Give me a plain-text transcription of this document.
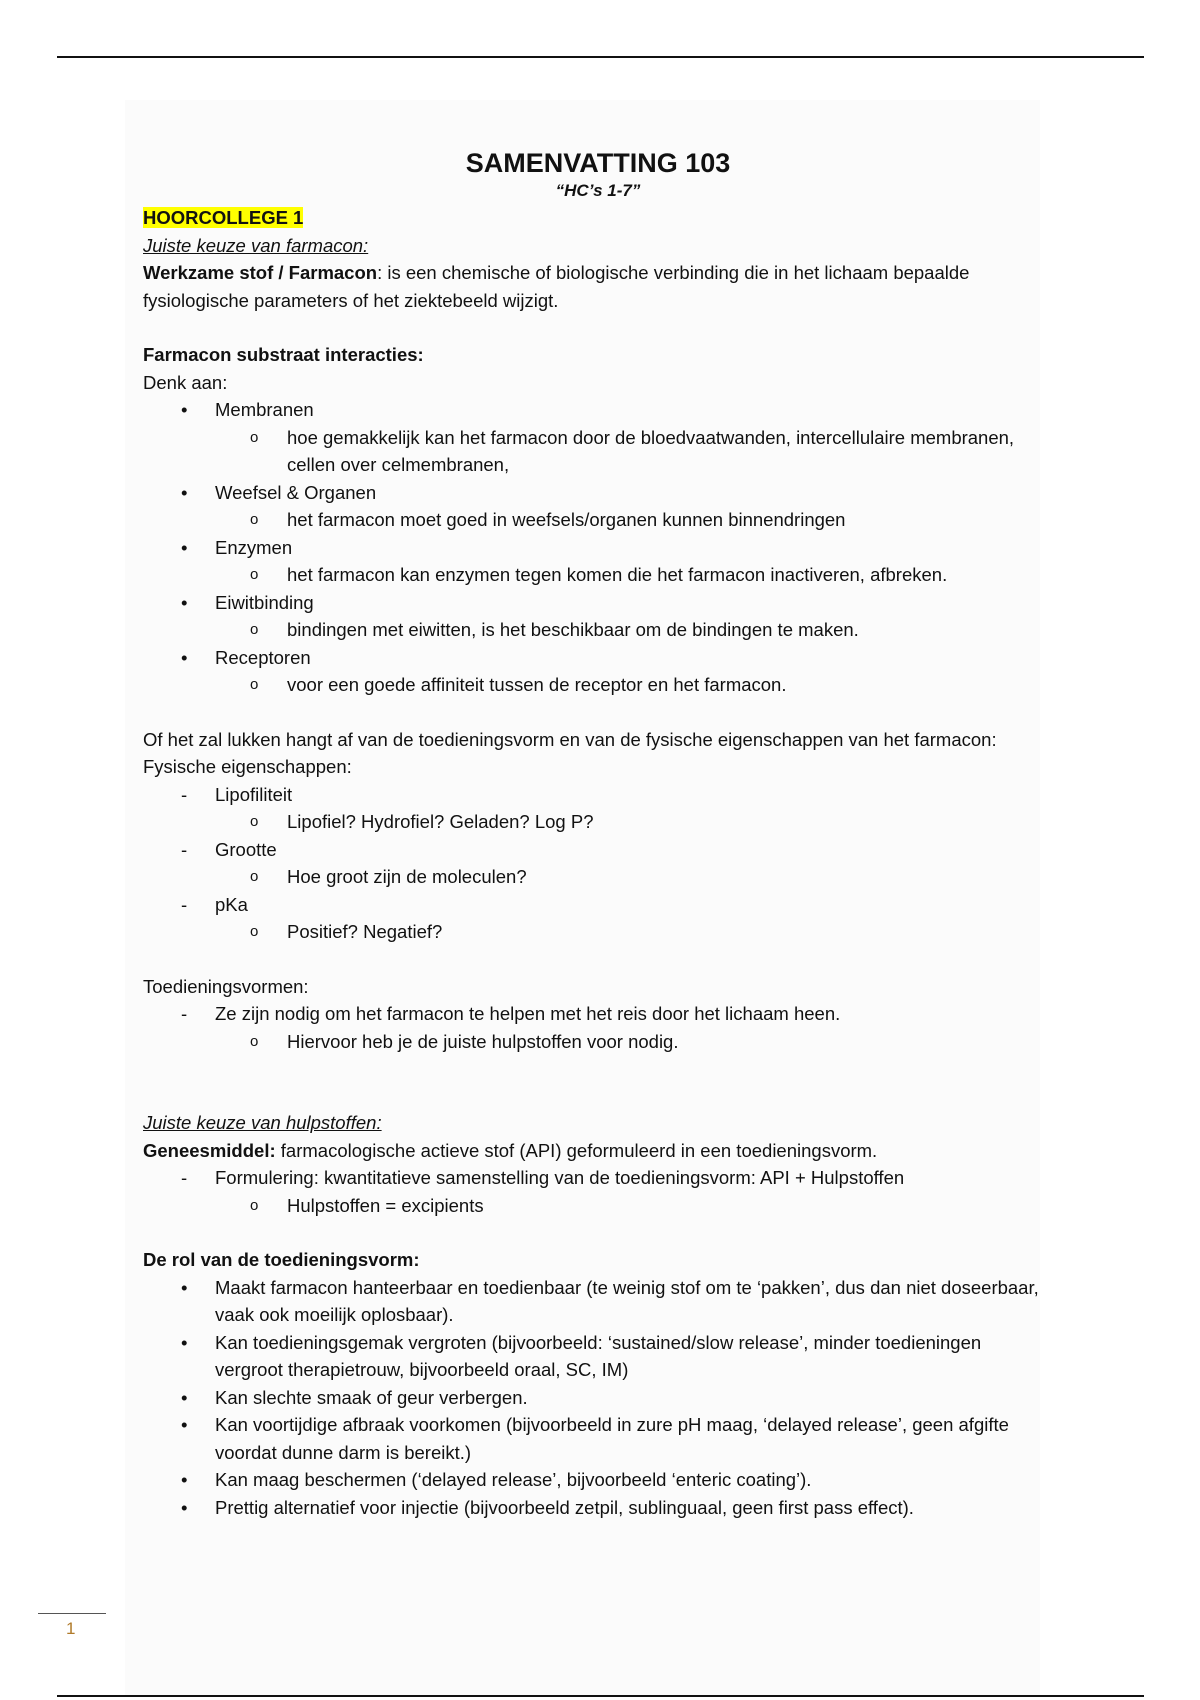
SAMENVATTING 103

“HC’s 1-7”

HOORCOLLEGE 1

Juiste keuze van farmacon:

Werkzame stof / Farmacon: is een chemische of biologische verbinding die in het lichaam bepaalde fysiologische parameters of het ziektebeeld wijzigt.

Farmacon substraat interacties:

Denk aan:

•	Membranen
o	hoe gemakkelijk kan het farmacon door de bloedvaatwanden, intercellulaire membranen, cellen over celmembranen,
•	Weefsel & Organen
o	het farmacon moet goed in weefsels/organen kunnen binnendringen
•	Enzymen
o	het farmacon kan enzymen tegen komen die het farmacon inactiveren, afbreken.
•	Eiwitbinding
o	bindingen met eiwitten, is het beschikbaar om de bindingen te maken.
•	Receptoren
o	voor een goede affiniteit tussen de receptor en het farmacon.

Of het zal lukken hangt af van de toedieningsvorm en van de fysische eigenschappen van het farmacon:

Fysische eigenschappen:

-	Lipofiliteit
o	Lipofiel? Hydrofiel? Geladen? Log P?
-	Grootte
o	Hoe groot zijn de moleculen?
-	pKa
o	Positief? Negatief?

Toedieningsvormen:

-	Ze zijn nodig om het farmacon te helpen met het reis door het lichaam heen.
o	Hiervoor heb je de juiste hulpstoffen voor nodig.

Juiste keuze van hulpstoffen:

Geneesmiddel: farmacologische actieve stof (API) geformuleerd in een toedieningsvorm.

-	Formulering: kwantitatieve samenstelling van de toedieningsvorm: API + Hulpstoffen
o	Hulpstoffen = excipients

De rol van de toedieningsvorm:

•	Maakt farmacon hanteerbaar en toedienbaar (te weinig stof om te ‘pakken’, dus dan niet doseerbaar, vaak ook moeilijk oplosbaar).
•	Kan toedieningsgemak vergroten (bijvoorbeeld: ‘sustained/slow release’, minder toedieningen vergroot therapietrouw, bijvoorbeeld oraal, SC, IM)
•	Kan slechte smaak of geur verbergen.
•	Kan voortijdige afbraak voorkomen (bijvoorbeeld in zure pH maag, ‘delayed release’, geen afgifte voordat dunne darm is bereikt.)
•	Kan maag beschermen (‘delayed release’, bijvoorbeeld ‘enteric coating’).
•	Prettig alternatief voor injectie (bijvoorbeeld zetpil, sublinguaal, geen first pass effect).
1
